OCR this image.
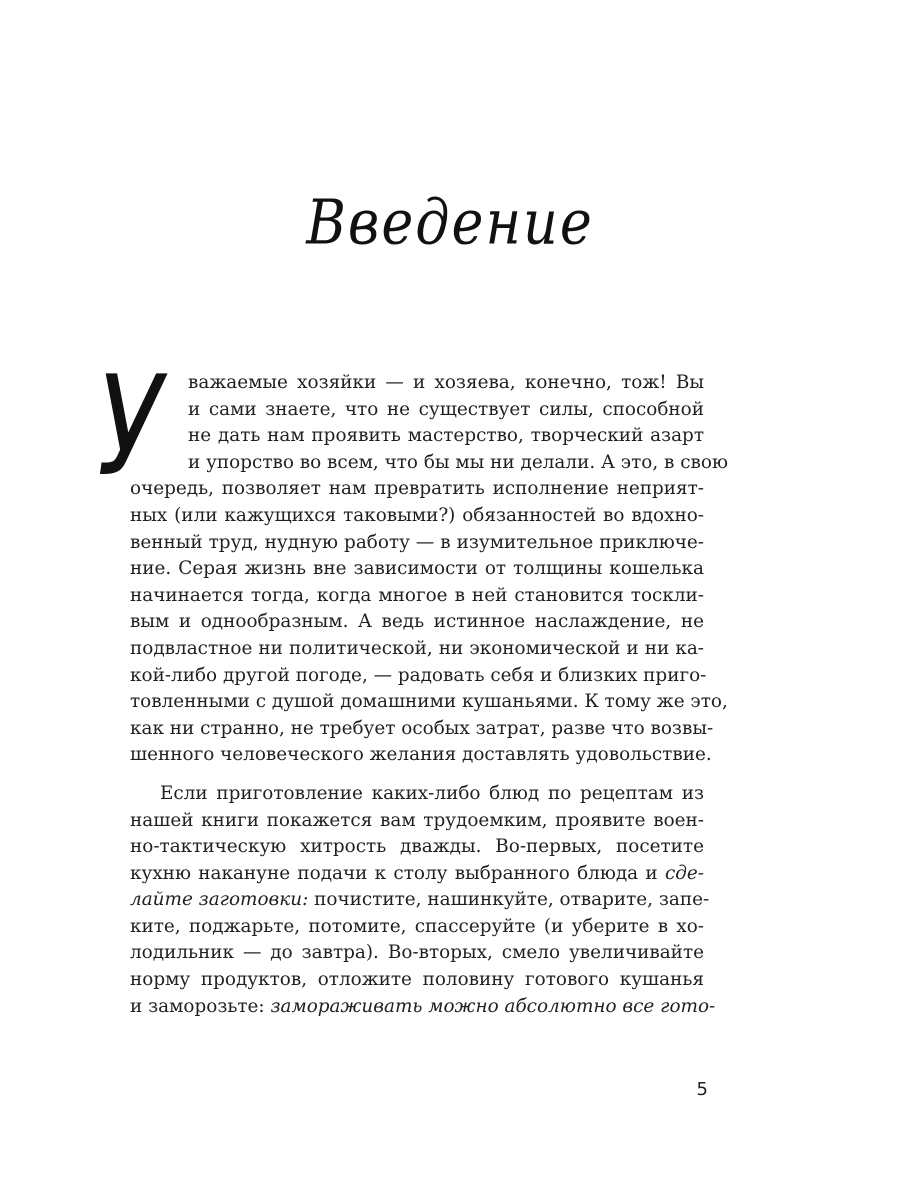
Введение
У важаемые хозяйки — и хозяева, конечно, тож! Вы
и сами знаете, что не существует силы, способной
не дать нам проявить мастерство, творческий азарт
и упорство во всем, что бы мы ни делали. А это, в свою
очередь, позволяет нам превратить исполнение неприят-
ных (или кажущихся таковыми?) обязанностей во вдохно-
венный труд, нудную работу — в изумительное приключе-
ние. Серая жизнь вне зависимости от толщины кошелька
начинается тогда, когда многое в ней становится тоскли-
вым и однообразным. А ведь истинное наслаждение, не
подвластное ни политической, ни экономической и ни ка-
кой-либо другой погоде, — радовать себя и близких приго-
товленными с душой домашними кушаньями. К тому же это,
как ни странно, не требует особых затрат, разве что возвы-
шенного человеческого желания доставлять удовольствие.
Если приготовление каких-либо блюд по рецептам из
нашей книги покажется вам трудоемким, проявите воен-
но-тактическую хитрость дважды. Во-первых, посетите
кухню накануне подачи к столу выбранного блюда и сде-
лайте заготовки: почистите, нашинкуйте, отварите, запе-
ките, поджарьте, потомите, спассеруйте (и уберите в хо-
лодильник — до завтра). Во-вторых, смело увеличивайте
норму продуктов, отложите половину готового кушанья
и заморозьте: замораживать можно абсолютно все гото-
5
